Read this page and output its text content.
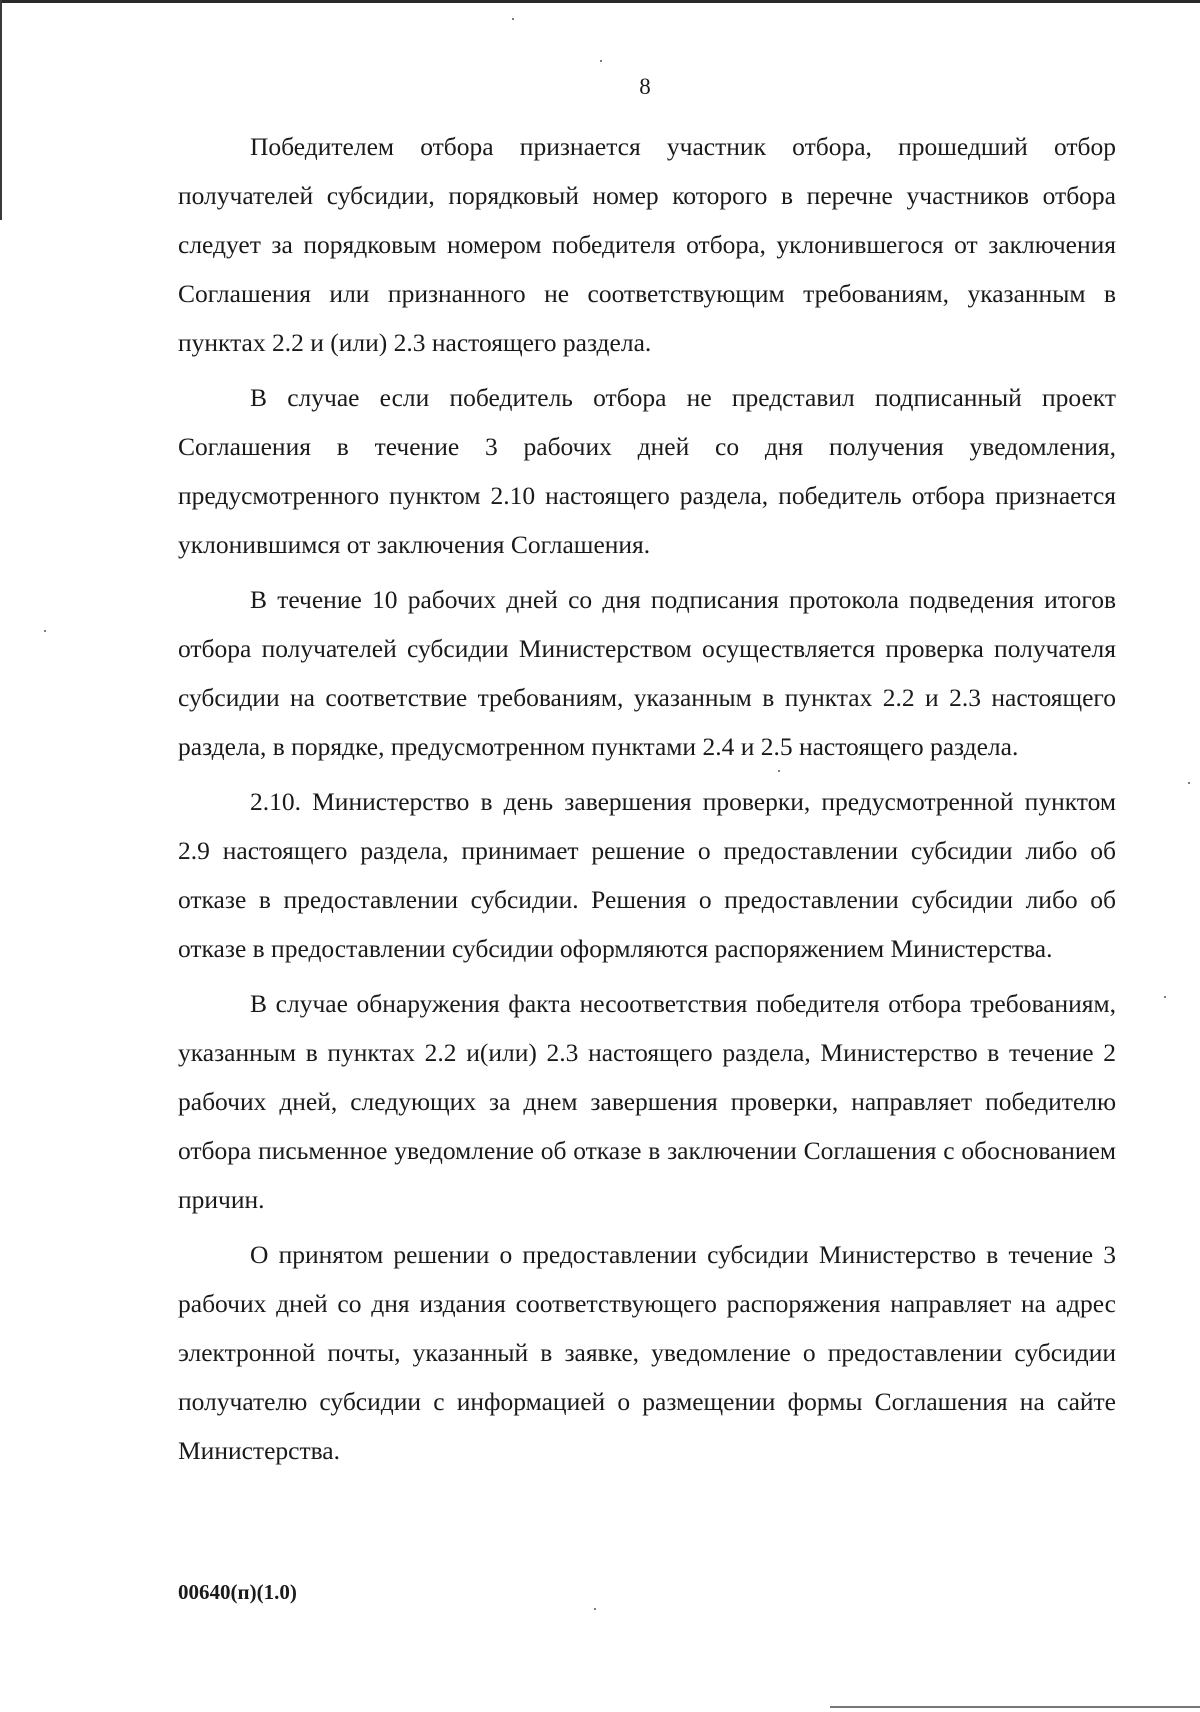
8

Победителем отбора признается участник отбора, прошедший отбор получателей субсидии, порядковый номер которого в перечне участников отбора следует за порядковым номером победителя отбора, уклонившегося от заключения Соглашения или признанного не соответствующим требованиям, указанным в пунктах 2.2 и (или) 2.3 настоящего раздела.

В случае если победитель отбора не представил подписанный проект Соглашения в течение 3 рабочих дней со дня получения уведомления, предусмотренного пунктом 2.10 настоящего раздела, победитель отбора признается уклонившимся от заключения Соглашения.

В течение 10 рабочих дней со дня подписания протокола подведения итогов отбора получателей субсидии Министерством осуществляется проверка получателя субсидии на соответствие требованиям, указанным в пунктах 2.2 и 2.3 настоящего раздела, в порядке, предусмотренном пунктами 2.4 и 2.5 настоящего раздела.

2.10. Министерство в день завершения проверки, предусмотренной пунктом 2.9 настоящего раздела, принимает решение о предоставлении субсидии либо об отказе в предоставлении субсидии. Решения о предоставлении субсидии либо об отказе в предоставлении субсидии оформляются распоряжением Министерства.

В случае обнаружения факта несоответствия победителя отбора требованиям, указанным в пунктах 2.2 и(или) 2.3 настоящего раздела, Министерство в течение 2 рабочих дней, следующих за днем завершения проверки, направляет победителю отбора письменное уведомление об отказе в заключении Соглашения с обоснованием причин.

О принятом решении о предоставлении субсидии Министерство в течение 3 рабочих дней со дня издания соответствующего распоряжения направляет на адрес электронной почты, указанный в заявке, уведомление о предоставлении субсидии получателю субсидии с информацией о размещении формы Соглашения на сайте Министерства.

00640(п)(1.0)
